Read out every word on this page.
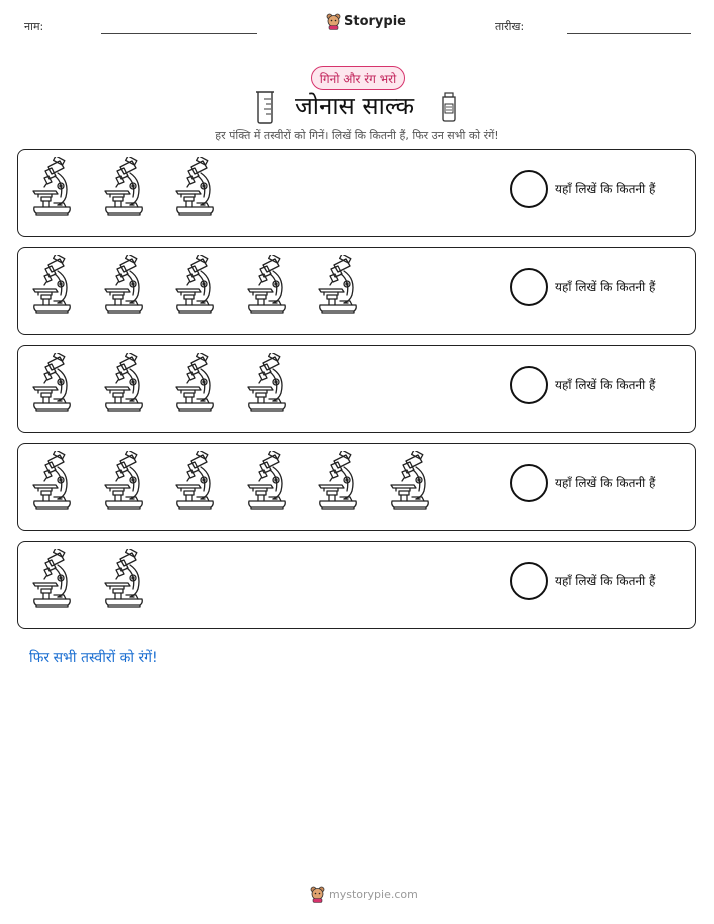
नाम:	Storypie	तारीख:
गिनो और रंग भरो
जोनास साल्क
हर पंक्ति में तस्वीरों को गिनें। लिखें कि कितनी हैं, फिर उन सभी को रंगें!
यहाँ लिखें कि कितनी हैं
यहाँ लिखें कि कितनी हैं
यहाँ लिखें कि कितनी हैं
यहाँ लिखें कि कितनी हैं
यहाँ लिखें कि कितनी हैं
फिर सभी तस्वीरों को रंगें!
mystorypie.com
